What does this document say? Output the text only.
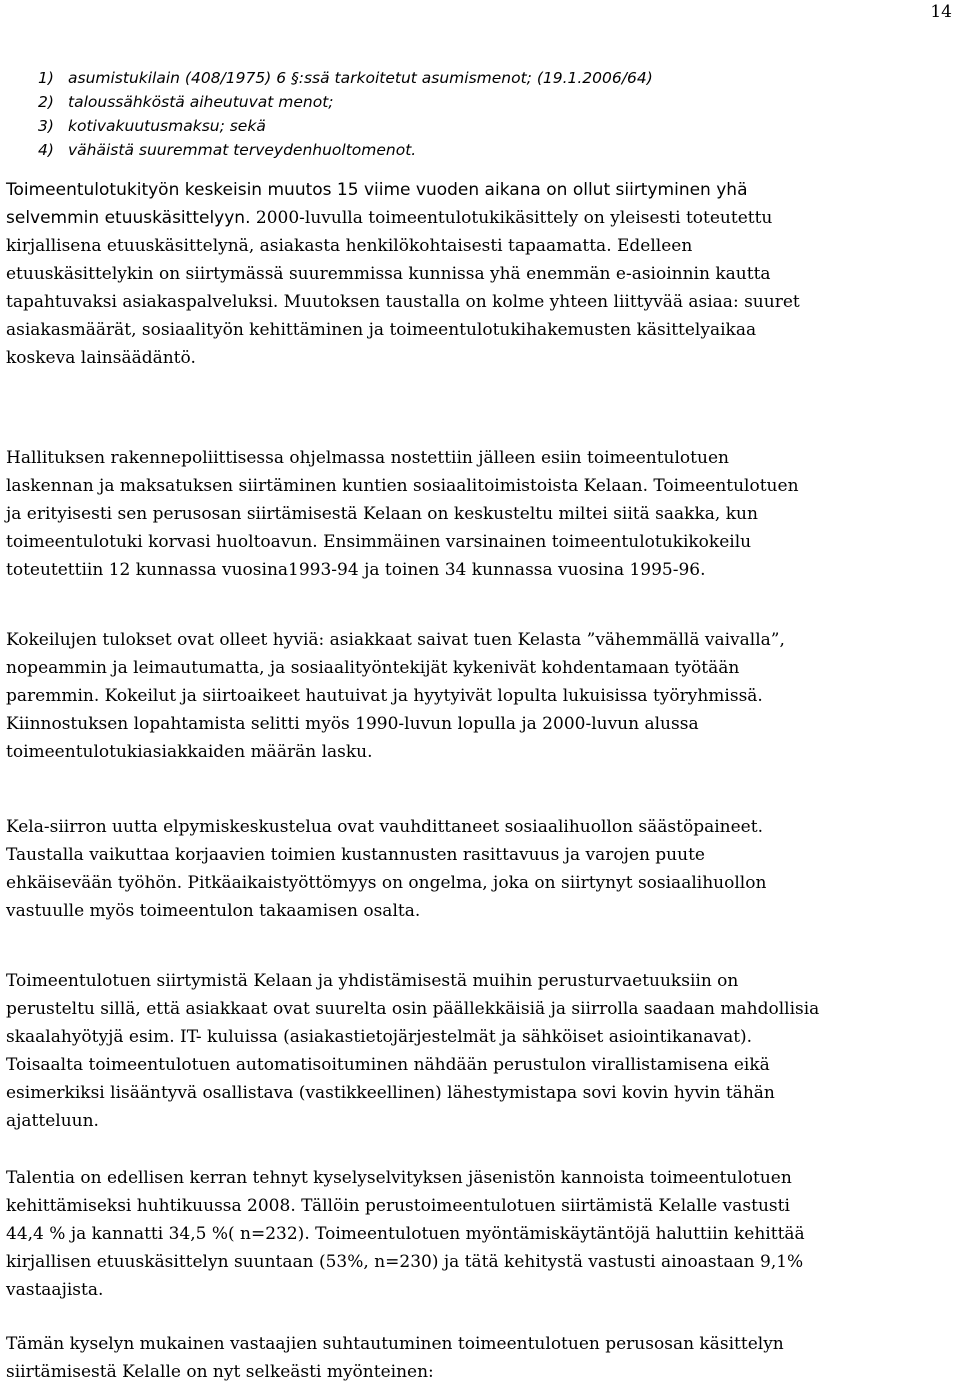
14
1) asumistukilain (408/1975) 6 §:ssä tarkoitetut asumismenot; (19.1.2006/64)
2) taloussähköstä aiheutuvat menot;
3) kotivakuutusmaksu; sekä
4) vähäistä suuremmat terveydenhuoltomenot.

Toimeentulotukityön keskeisin muutos 15 viime vuoden aikana on ollut siirtyminen yhä
selvemmin etuuskäsittelyyn. 2000-luvulla toimeentulotukikäsittely on yleisesti toteutettu

kirjallisena etuuskäsittelynä, asiakasta henkilökohtaisesti tapaamatta. Edelleen
etuuskäsittelykin on siirtymässä suuremmissa kunnissa yhä enemmän e-asioinnin kautta
tapahtuvaksi asiakaspalveluksi. Muutoksen taustalla on kolme yhteen liittyvää asiaa: suuret
asiakasmäärät, sosiaalityön kehittäminen ja toimeentulotukihakemusten käsittelyaikaa
koskeva lainsäädäntö.

Hallituksen rakennepoliittisessa ohjelmassa nostettiin jälleen esiin toimeentulotuen
laskennan ja maksatuksen siirtäminen kuntien sosiaalitoimistoista Kelaan. Toimeentulotuen
ja erityisesti sen perusosan siirtämisestä Kelaan on keskusteltu miltei siitä saakka, kun
toimeentulotuki korvasi huoltoavun. Ensimmäinen varsinainen toimeentulotukikokeilu
toteutettiin 12 kunnassa vuosina1993-94 ja toinen 34 kunnassa vuosina 1995-96.

Kokeilujen tulokset ovat olleet hyviä: asiakkaat saivat tuen Kelasta ”vähemmällä vaivalla”,
nopeammin ja leimautumatta, ja sosiaalityöntekijät kykenivät kohdentamaan työtään
paremmin. Kokeilut ja siirtoaikeet hautuivat ja hyytyivät lopulta lukuisissa työryhmissä.
Kiinnostuksen lopahtamista selitti myös 1990-luvun lopulla ja 2000-luvun alussa
toimeentulotukiasiakkaiden määrän lasku.

Kela-siirron uutta elpymiskeskustelua ovat vauhdittaneet sosiaalihuollon säästöpaineet.
Taustalla vaikuttaa korjaavien toimien kustannusten rasittavuus ja varojen puute
ehkäisevään työhön. Pitkäaikaistyöttömyys on ongelma, joka on siirtynyt sosiaalihuollon
vastuulle myös toimeentulon takaamisen osalta.

Toimeentulotuen siirtymistä Kelaan ja yhdistämisestä muihin perusturvaetuuksiin on
perusteltu sillä, että asiakkaat ovat suurelta osin päällekkäisiä ja siirrolla saadaan mahdollisia
skaalahyötyjä esim. IT- kuluissa (asiakastietojärjestelmät ja sähköiset asiointikanavat).
Toisaalta toimeentulotuen automatisoituminen nähdään perustulon virallistamisena eikä
esimerkiksi lisääntyvä osallistava (vastikkeellinen) lähestymistapa sovi kovin hyvin tähän
ajatteluun.

Talentia on edellisen kerran tehnyt kyselyselvityksen jäsenistön kannoista toimeentulotuen
kehittämiseksi huhtikuussa 2008. Tällöin perustoimeentulotuen siirtämistä Kelalle vastusti
44,4 % ja kannatti 34,5 %( n=232). Toimeentulotuen myöntämiskäytäntöjä haluttiin kehittää
kirjallisen etuuskäsittelyn suuntaan (53%, n=230) ja tätä kehitystä vastusti ainoastaan 9,1%
vastaajista.

Tämän kyselyn mukainen vastaajien suhtautuminen toimeentulotuen perusosan käsittelyn
siirtämisestä Kelalle on nyt selkeästi myönteinen:
